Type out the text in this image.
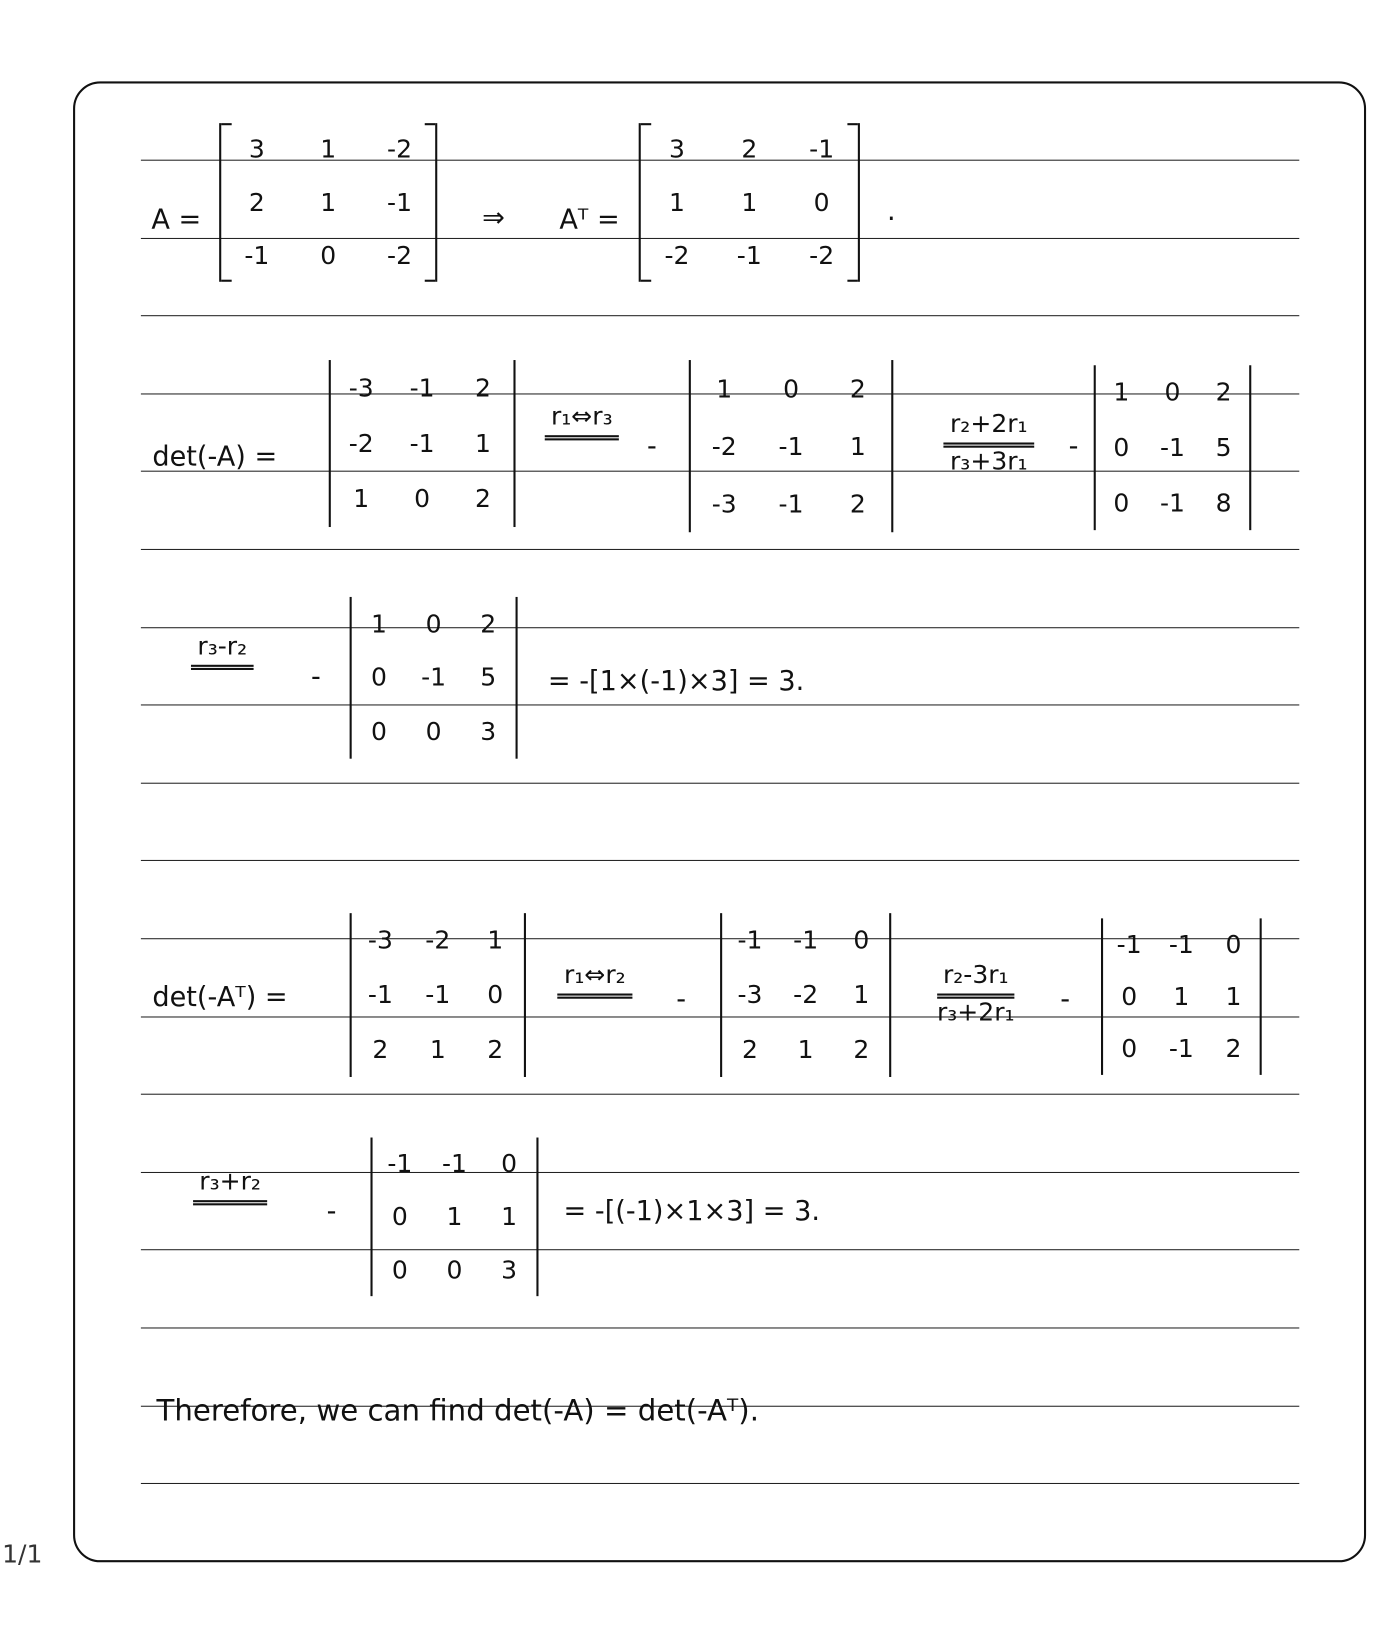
A =
3 1 -2
2 1 -1
-1 0 -2
⇒ Aᵀ =
3 2 -1
1 1 0
-2 -1 -2
.
det(-A) =
-3 -1 2
-2 -1 1
1 0 2
r₁⇔r₃
-
1 0 2
-2 -1 1
-3 -1 2
r₂+2r₁
r₃+3r₁	-
1 0 2
0 -1 5
0 -1 8
r₃-r₂
-
1 0 2
0 -1 5
0 0 3
= -[1×(-1)×3] = 3.
det(-Aᵀ) =
-3 -2 1
-1 -1 0
2 1 2
r₁⇔r₂
-
-1 -1 0
-3 -2 1
2 1 2
r₂-3r₁
r₃+2r₁	-
-1 -1 0
0 1 1
0 -1 2
r₃+r₂
-
-1 -1 0
0 1 1
0 0 3
= -[(-1)×1×3] = 3.
Therefore, we can find det(-A) = det(-Aᵀ).
1/1
